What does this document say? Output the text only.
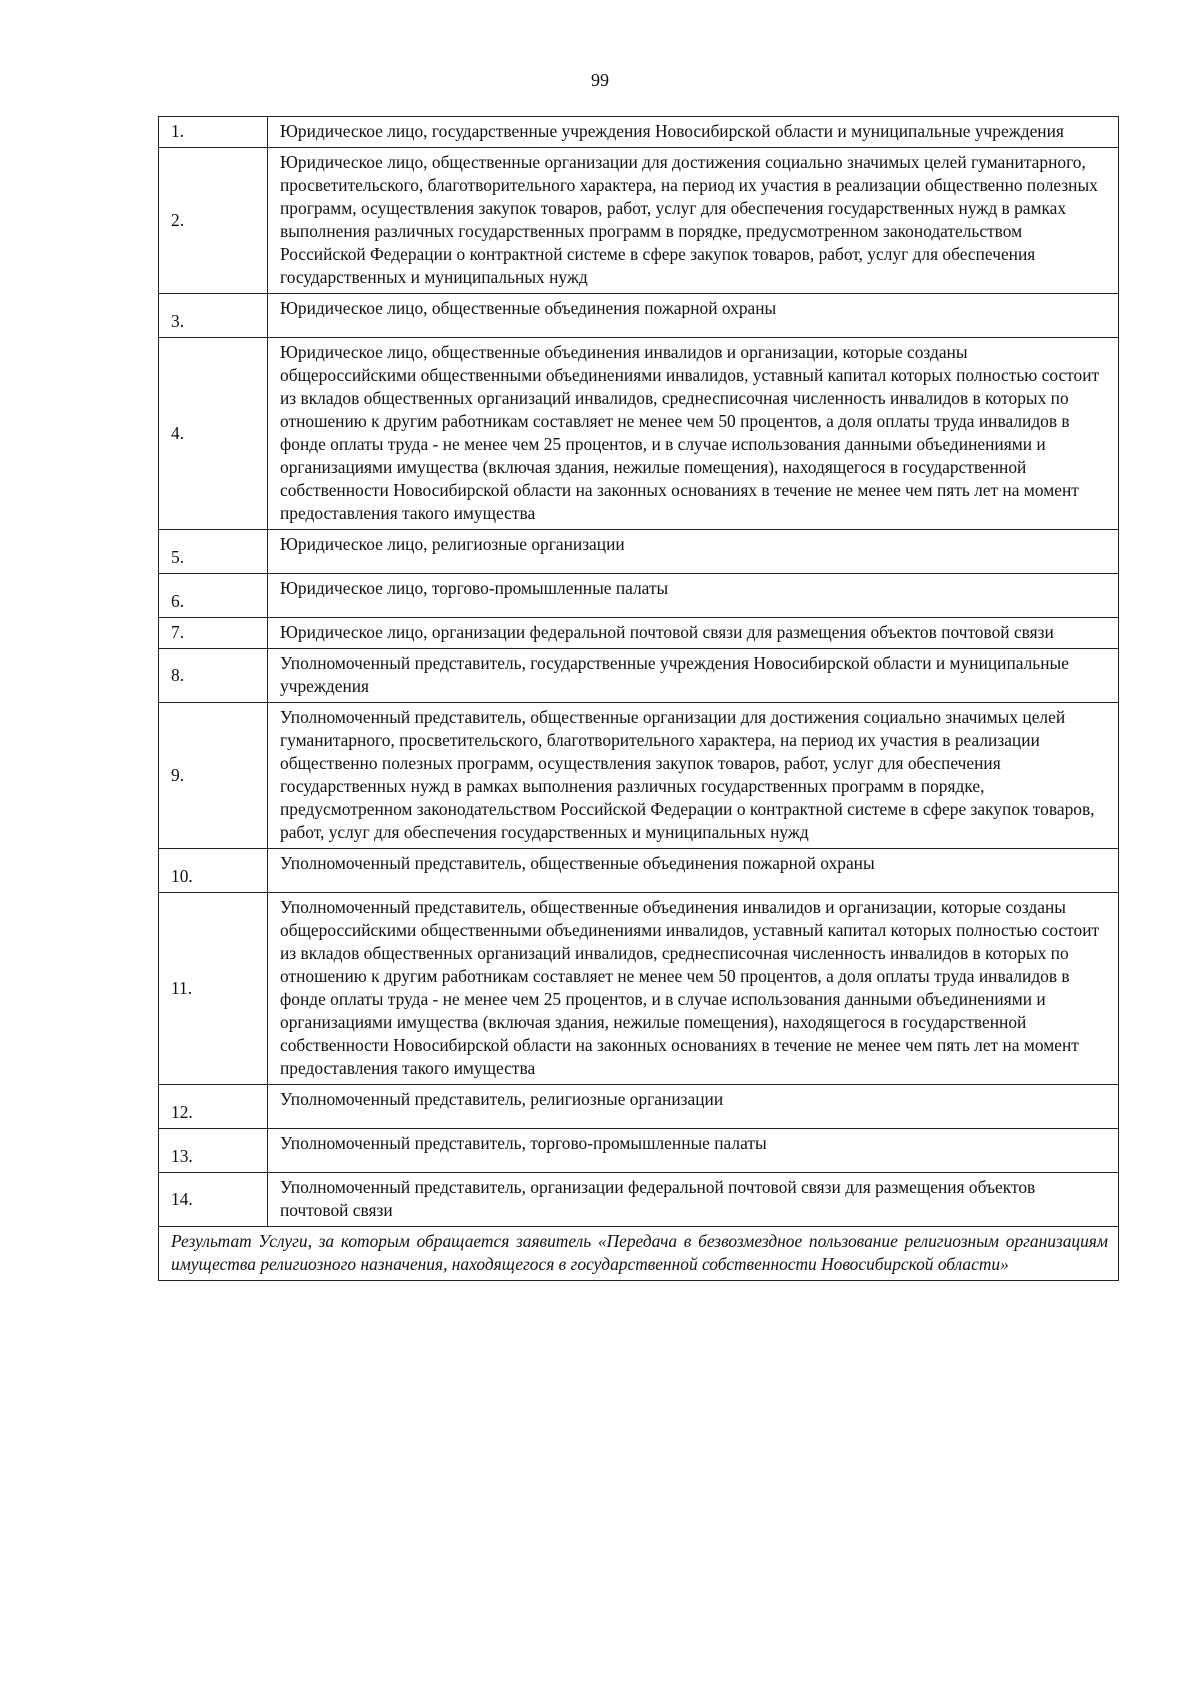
99
1.	Юридическое лицо, государственные учреждения Новосибирской области и муниципальные учреждения
2.	Юридическое лицо, общественные организации для достижения социально значимых целей гуманитарного, просветительского, благотворительного характера, на период их участия в реализации общественно полезных программ, осуществления закупок товаров, работ, услуг для обеспечения государственных нужд в рамках выполнения различных государственных программ в порядке, предусмотренном законодательством Российской Федерации о контрактной системе в сфере закупок товаров, работ, услуг для обеспечения государственных и муниципальных нужд
3.	Юридическое лицо, общественные объединения пожарной охраны
4.	Юридическое лицо, общественные объединения инвалидов и организации, которые созданы общероссийскими общественными объединениями инвалидов, уставный капитал которых полностью состоит из вкладов общественных организаций инвалидов, среднесписочная численность инвалидов в которых по отношению к другим работникам составляет не менее чем 50 процентов, а доля оплаты труда инвалидов в фонде оплаты труда - не менее чем 25 процентов, и в случае использования данными объединениями и организациями имущества (включая здания, нежилые помещения), находящегося в государственной собственности Новосибирской области на законных основаниях в течение не менее чем пять лет на момент предоставления такого имущества
5.	Юридическое лицо, религиозные организации
6.	Юридическое лицо, торгово-промышленные палаты
7.	Юридическое лицо, организации федеральной почтовой связи для размещения объектов почтовой связи
8.	Уполномоченный представитель, государственные учреждения Новосибирской области и муниципальные учреждения
9.	Уполномоченный представитель, общественные организации для достижения социально значимых целей гуманитарного, просветительского, благотворительного характера, на период их участия в реализации общественно полезных программ, осуществления закупок товаров, работ, услуг для обеспечения государственных нужд в рамках выполнения различных государственных программ в порядке, предусмотренном законодательством Российской Федерации о контрактной системе в сфере закупок товаров, работ, услуг для обеспечения государственных и муниципальных нужд
10.	Уполномоченный представитель, общественные объединения пожарной охраны
11.	Уполномоченный представитель, общественные объединения инвалидов и организации, которые созданы общероссийскими общественными объединениями инвалидов, уставный капитал которых полностью состоит из вкладов общественных организаций инвалидов, среднесписочная численность инвалидов в которых по отношению к другим работникам составляет не менее чем 50 процентов, а доля оплаты труда инвалидов в фонде оплаты труда - не менее чем 25 процентов, и в случае использования данными объединениями и организациями имущества (включая здания, нежилые помещения), находящегося в государственной собственности Новосибирской области на законных основаниях в течение не менее чем пять лет на момент предоставления такого имущества
12.	Уполномоченный представитель, религиозные организации
13.	Уполномоченный представитель, торгово-промышленные палаты
14.	Уполномоченный представитель, организации федеральной почтовой связи для размещения объектов почтовой связи
Результат Услуги, за которым обращается заявитель «Передача в безвозмездное пользование религиозным организациям имущества религиозного назначения, находящегося в государственной собственности Новосибирской области»	
